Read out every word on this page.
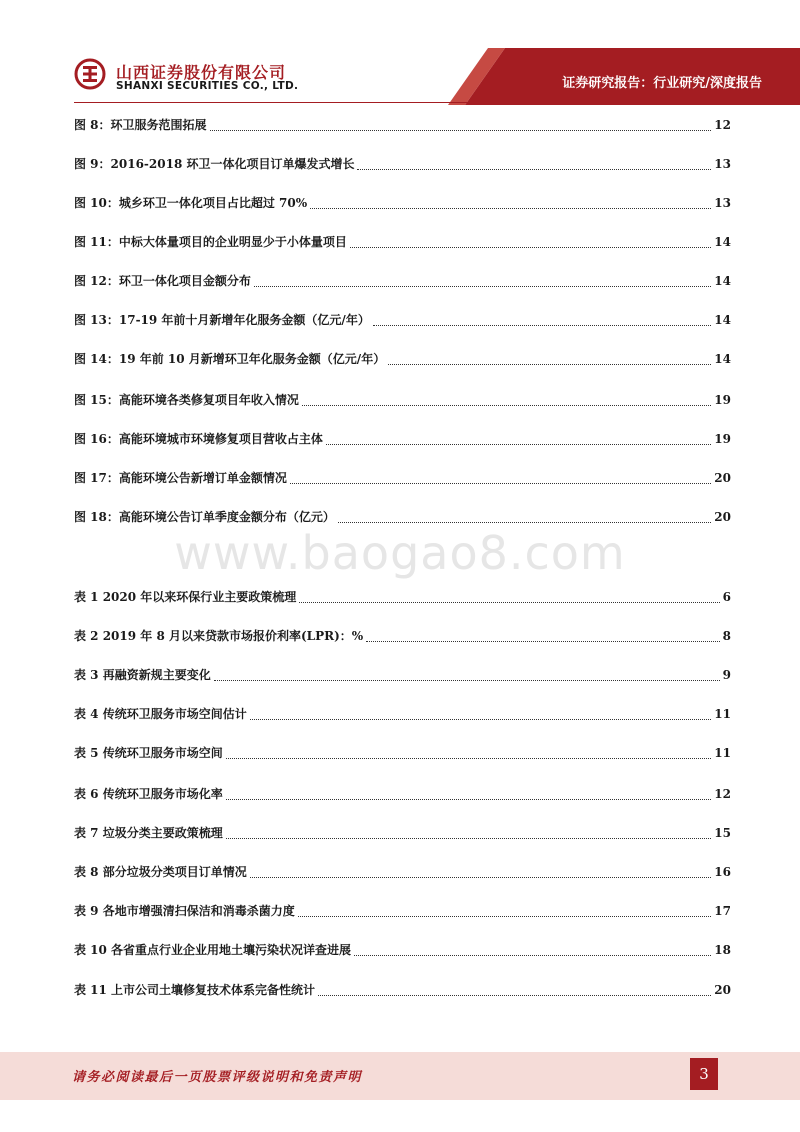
山西证券股份有限公司
SHANXI SECURITIES CO., LTD.	证券研究报告：行业研究/深度报告
图 8：环卫服务范围拓展	12
图 9：2016-2018 环卫一体化项目订单爆发式增长	13
图 10：城乡环卫一体化项目占比超过 70%	13
图 11：中标大体量项目的企业明显少于小体量项目	14
图 12：环卫一体化项目金额分布	14
图 13：17-19 年前十月新增年化服务金额（亿元/年）	14
图 14：19 年前 10 月新增环卫年化服务金额（亿元/年）	14
图 15：高能环境各类修复项目年收入情况	19
图 16：高能环境城市环境修复项目营收占主体	19
图 17：高能环境公告新增订单金额情况	20
图 18：高能环境公告订单季度金额分布（亿元）	20
www.baogao8.com
表 1 2020 年以来环保行业主要政策梳理	6
表 2 2019 年 8 月以来贷款市场报价利率(LPR)：%	8
表 3 再融资新规主要变化	9
表 4 传统环卫服务市场空间估计	11
表 5 传统环卫服务市场空间	11
表 6 传统环卫服务市场化率	12
表 7 垃圾分类主要政策梳理	15
表 8 部分垃圾分类项目订单情况	16
表 9 各地市增强清扫保洁和消毒杀菌力度	17
表 10 各省重点行业企业用地土壤污染状况详查进展	18
表 11 上市公司土壤修复技术体系完备性统计	20
请务必阅读最后一页股票评级说明和免责声明	3
